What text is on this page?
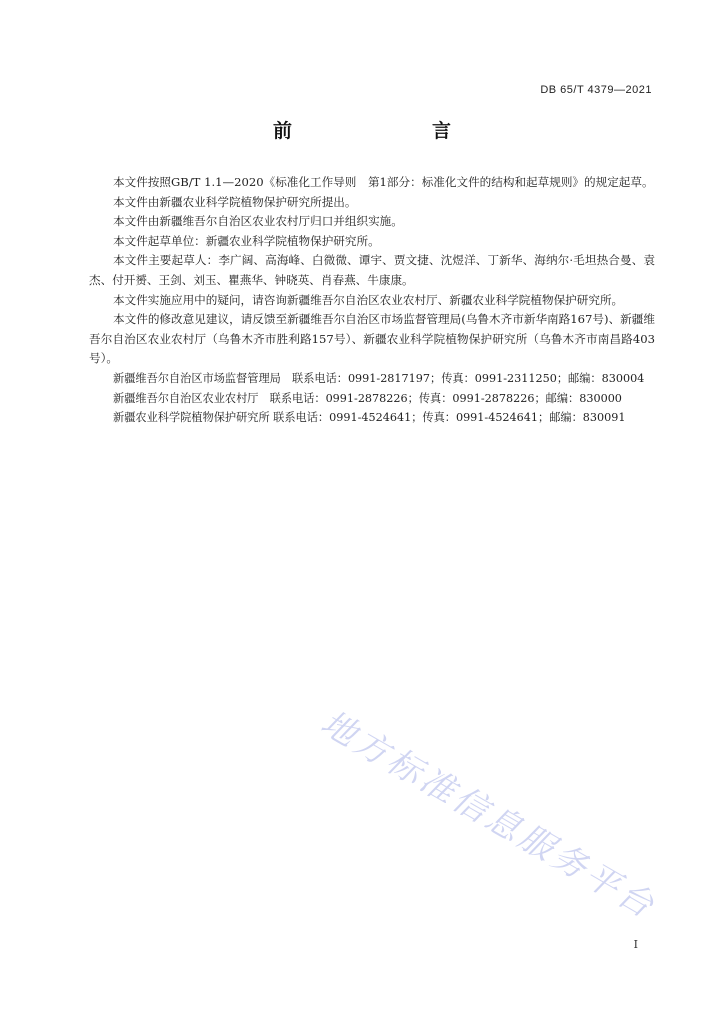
DB 65/T 4379—2021
前　　言

本文件按照GB/T 1.1—2020《标准化工作导则　第1部分：标准化文件的结构和起草规则》的规定起草。

本文件由新疆农业科学院植物保护研究所提出。

本文件由新疆维吾尔自治区农业农村厅归口并组织实施。

本文件起草单位：新疆农业科学院植物保护研究所。

本文件主要起草人：李广阔、高海峰、白微微、谭宇、贾文捷、沈煜洋、丁新华、海纳尔·毛坦热合曼、袁杰、付开赟、王剑、刘玉、瞿燕华、钟晓英、肖春燕、牛康康。

本文件实施应用中的疑问，请咨询新疆维吾尔自治区农业农村厅、新疆农业科学院植物保护研究所。

本文件的修改意见建议，请反馈至新疆维吾尔自治区市场监督管理局(乌鲁木齐市新华南路167号)、新疆维吾尔自治区农业农村厅（乌鲁木齐市胜利路157号）、新疆农业科学院植物保护研究所（乌鲁木齐市南昌路403号）。

新疆维吾尔自治区市场监督管理局　联系电话：0991-2817197；传真：0991-2311250；邮编：830004

新疆维吾尔自治区农业农村厅　联系电话：0991-2878226；传真：0991-2878226；邮编：830000

新疆农业科学院植物保护研究所 联系电话：0991-4524641；传真：0991-4524641；邮编：830091

地方标准信息服务平台
I
